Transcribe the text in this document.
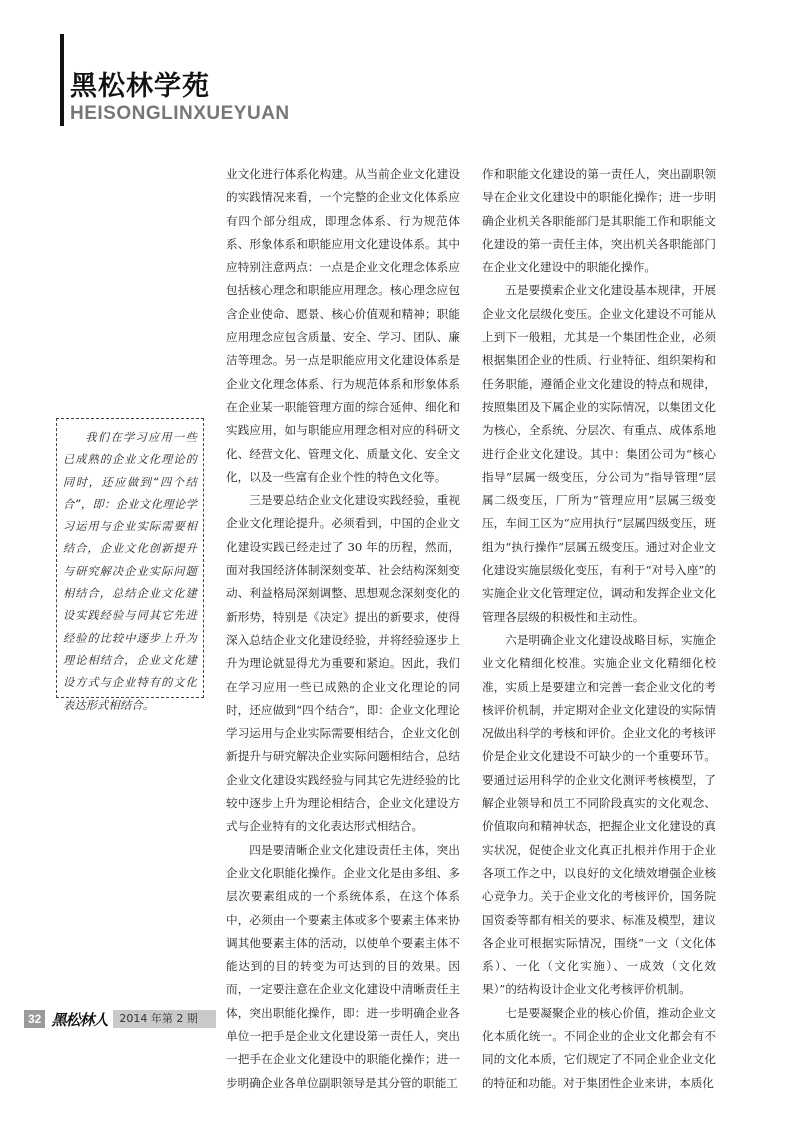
黑松林学苑
HEISONGLINXUEYUAN

我们在学习应用一些已成熟的企业文化理论的同时，还应做到“四个结合”，即：企业文化理论学习运用与企业实际需要相结合，企业文化创新提升与研究解决企业实际问题相结合，总结企业文化建设实践经验与同其它先进经验的比较中逐步上升为理论相结合，企业文化建设方式与企业特有的文化表达形式相结合。

业文化进行体系化构建。从当前企业文化建设的实践情况来看，一个完整的企业文化体系应有四个部分组成，即理念体系、行为规范体系、形象体系和职能应用文化建设体系。其中应特别注意两点：一点是企业文化理念体系应包括核心理念和职能应用理念。核心理念应包含企业使命、愿景、核心价值观和精神；职能应用理念应包含质量、安全、学习、团队、廉洁等理念。另一点是职能应用文化建设体系是企业文化理念体系、行为规范体系和形象体系在企业某一职能管理方面的综合延伸、细化和实践应用，如与职能应用理念相对应的科研文化、经营文化、管理文化、质量文化、安全文化，以及一些富有企业个性的特色文化等。

三是要总结企业文化建设实践经验，重视企业文化理论提升。必须看到，中国的企业文化建设实践已经走过了 30 年的历程，然而，面对我国经济体制深刻变革、社会结构深刻变动、利益格局深刻调整、思想观念深刻变化的新形势，特别是《决定》提出的新要求，使得深入总结企业文化建设经验，并将经验逐步上升为理论就显得尤为重要和紧迫。因此，我们在学习应用一些已成熟的企业文化理论的同时，还应做到“四个结合”，即：企业文化理论学习运用与企业实际需要相结合，企业文化创新提升与研究解决企业实际问题相结合，总结企业文化建设实践经验与同其它先进经验的比较中逐步上升为理论相结合，企业文化建设方式与企业特有的文化表达形式相结合。

四是要清晰企业文化建设责任主体，突出企业文化职能化操作。企业文化是由多组、多层次要素组成的一个系统体系，在这个体系中，必须由一个要素主体或多个要素主体来协调其他要素主体的活动，以使单个要素主体不能达到的目的转变为可达到的目的效果。因而，一定要注意在企业文化建设中清晰责任主体，突出职能化操作，即：进一步明确企业各单位一把手是企业文化建设第一责任人，突出一把手在企业文化建设中的职能化操作；进一步明确企业各单位副职领导是其分管的职能工

作和职能文化建设的第一责任人，突出副职领导在企业文化建设中的职能化操作；进一步明确企业机关各职能部门是其职能工作和职能文化建设的第一责任主体，突出机关各职能部门在企业文化建设中的职能化操作。

五是要摸索企业文化建设基本规律，开展企业文化层级化变压。企业文化建设不可能从上到下一般粗，尤其是一个集团性企业，必须根据集团企业的性质、行业特征、组织架构和任务职能，遵循企业文化建设的特点和规律，按照集团及下属企业的实际情况，以集团文化为核心，全系统、分层次、有重点、成体系地进行企业文化建设。其中：集团公司为“核心指导”层属一级变压，分公司为“指导管理”层属二级变压，厂所为“管理应用”层属三级变压，车间工区为“应用执行”层属四级变压，班组为“执行操作”层属五级变压。通过对企业文化建设实施层级化变压，有利于“对号入座”的实施企业文化管理定位，调动和发挥企业文化管理各层级的积极性和主动性。

六是明确企业文化建设战略目标，实施企业文化精细化校准。实施企业文化精细化校准，实质上是要建立和完善一套企业文化的考核评价机制，并定期对企业文化建设的实际情况做出科学的考核和评价。企业文化的考核评价是企业文化建设不可缺少的一个重要环节。要通过运用科学的企业文化测评考核模型，了解企业领导和员工不同阶段真实的文化观念、价值取向和精神状态，把握企业文化建设的真实状况，促使企业文化真正扎根并作用于企业各项工作之中，以良好的文化绩效增强企业核心竞争力。关于企业文化的考核评价，国务院国资委等都有相关的要求、标准及模型，建议各企业可根据实际情况，围绕“一文（文化体系）、一化（文化实施）、一成效（文化效果）”的结构设计企业文化考核评价机制。

七是要凝聚企业的核心价值，推动企业文化本质化统一。不同企业的企业文化都会有不同的文化本质，它们规定了不同企业企业文化的特征和功能。对于集团性企业来讲，本质化

32 黑松林人	2014 年第 2 期
